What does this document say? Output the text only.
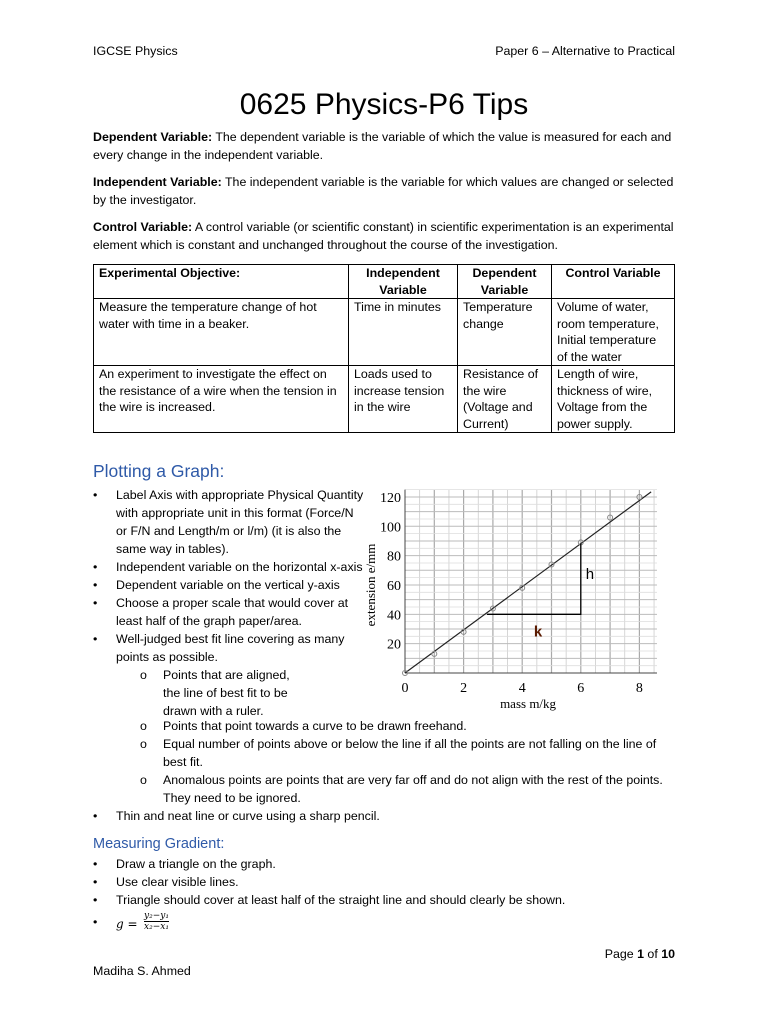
IGCSE Physics	Paper 6 – Alternative to Practical
0625 Physics-P6 Tips

Dependent Variable: The dependent variable is the variable of which the value is measured for each and every change in the independent variable.

Independent Variable: The independent variable is the variable for which values are changed or selected by the investigator.

Control Variable: A control variable (or scientific constant) in scientific experimentation is an experimental element which is constant and unchanged throughout the course of the investigation.

Experimental Objective:	Independent Variable	Dependent Variable	Control Variable
Measure the temperature change of hot water with time in a beaker.	Time in minutes	Temperature change	Volume of water, room temperature, Initial temperature of the water
An experiment to investigate the effect on the resistance of a wire when the tension in the wire is increased.	Loads used to increase tension in the wire	Resistance of the wire (Voltage and Current)	Length of wire, thickness of wire, Voltage from the power supply.
Plotting a Graph:
• Label Axis with appropriate Physical Quantity with appropriate unit in this format (Force/N or F/N and Length/m or l/m) (it is also the same way in tables).
• Independent variable on the horizontal x-axis
• Dependent variable on the vertical y-axis
• Choose a proper scale that would cover at least half of the graph paper/area.
• Well-judged best fit line covering as many points as possible.
o Points that are aligned, the line of best fit to be drawn with a ruler.
o Points that point towards a curve to be drawn freehand.
o Equal number of points above or below the line if all the points are not falling on the line of best fit.
o Anomalous points are points that are very far off and do not align with the rest of the points. They need to be ignored.
• Thin and neat line or curve using a sharp pencil.
0	2	4	6	8
20
40
60
80
100
120
mass m/kg
extension e/mm	h
k
Measuring Gradient:
• Draw a triangle on the graph.
• Use clear visible lines.
• Triangle should cover at least half of the straight line and should clearly be shown.
• $g = \frac{\text{y₂−y₁}}{\text{x₂−x₁}}$
Page 1 of 10
Madiha S. Ahmed
